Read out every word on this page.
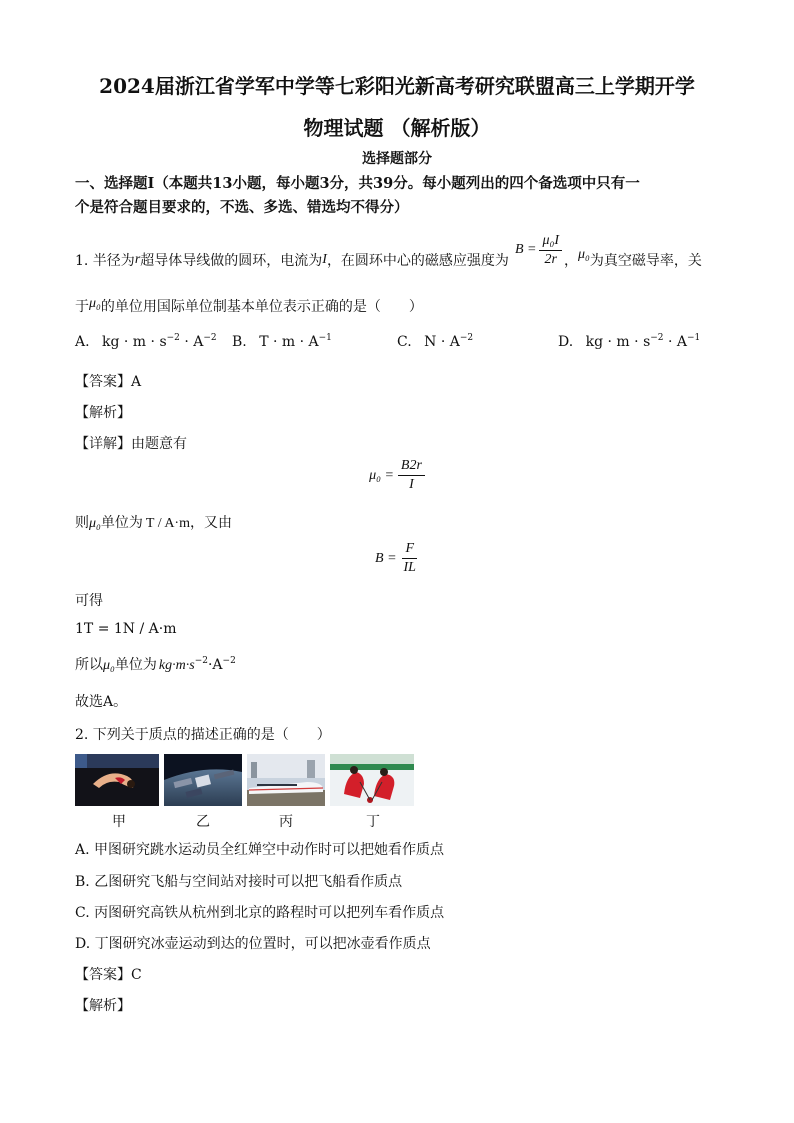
2024届浙江省学军中学等七彩阳光新高考研究联盟高三上学期开学
物理试题 （解析版）
选择题部分
一、选择题Ⅰ（本题共13小题，每小题3分，共39分。每小题列出的四个备选项中只有一
个是符合题目要求的，不选、多选、错选均不得分）
1. 半径为 r 超导体导线做的圆环，电流为 I ，在圆环中心的磁感应强度为
$B = \frac{\text{μ₀I}}{2r}$ ， μ₀ 为真空磁导率，关
于μ₀的单位用国际单位制基本单位表示正确的是（　　）
A. kg · $m \cdot s^{-2} \cdot A^{-2}$ B. $T \cdot m \cdot A^{-1}$	C. $N \cdot A^{-2}$	D. kg · $m \cdot s^{-2} \cdot A^{-1}$
【答案】A
【解析】
【详解】由题意有
$\mu_0 = \frac{B2r}{I}$
则μ₀单位为 T / A·m，又由
$B = \frac{F}{IL}$
可得
1T = 1N / A·m
所以μ₀单位为 $kg\cdot m\cdot s^{-2}\cdot A^{-2}$
故选A。
2. 下列关于质点的描述正确的是（　　）
甲	乙	丙	丁
A. 甲图研究跳水运动员全红婵空中动作时可以把她看作质点
B. 乙图研究飞船与空间站对接时可以把飞船看作质点
C. 丙图研究高铁从杭州到北京的路程时可以把列车看作质点
D. 丁图研究冰壶运动到达的位置时，可以把冰壶看作质点
【答案】C
【解析】
